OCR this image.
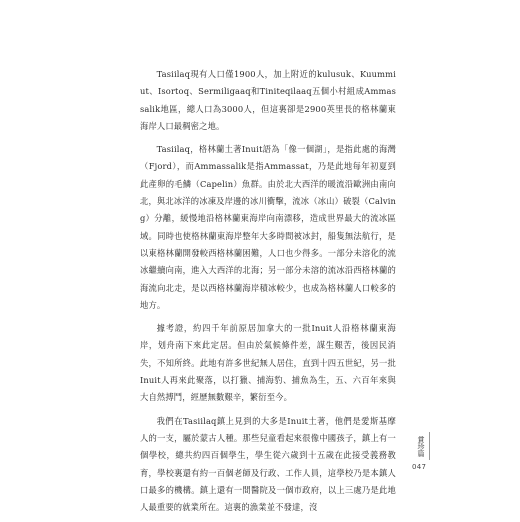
Tasiilaq現有人口僅1900人，加上附近的kulusuk、Kuummiut、Isortoq、Sermiligaaq和Tiniteqilaaq五個小村組成Ammassalik地區，總人口為3000人，但這裏卻是2900英里長的格林蘭東海岸人口最稠密之地。

Tasiilaq，格林蘭土著Inuit語為「像一個湖」，是指此處的海灣（Fjord），而Ammassalik是指Ammassat，乃是此地每年初夏到此產卵的毛鱗（Capelin）魚群。由於北大西洋的暖流沿歐洲由南向北，與北冰洋的冰凍及岸邊的冰川衝擊，流冰（冰山）破裂（Calving）分離，緩慢地沿格林蘭東海岸向南漂移，造成世界最大的流冰區域。同時也使格林蘭東海岸整年大多時間被冰封，船隻無法航行，是以東格林蘭開發較西格林蘭困難，人口也少得多。一部分未溶化的流冰繼續向南，進入大西洋的北海；另一部分未溶的流冰沿西格林蘭的海流向北走，是以西格林蘭海岸積冰較少，也成為格林蘭人口較多的地方。

據考證，約四千年前原居加拿大的一批Inuit人沿格林蘭東海岸，划舟南下來此定居。但由於氣候條件差，謀生艱苦，後因民消失，不知所終。此地有許多世紀無人居住，直到十四五世紀，另一批Inuit人再來此聚落，以打獵、捕海豹、捕魚為生，五、六百年來與大自然搏鬥，經歷無數艱辛，繁衍至今。

我們在Tasiilaq鎮上見到的大多是Inuit土著，他們是愛斯基摩人的一支，屬於蒙古人種。那些兒童看起來很像中國孩子，鎮上有一個學校，總共約四百個學生，學生從六歲到十五歲在此接受義務教育，學校裏還有約一百個老師及行政、工作人員，這學校乃是本鎮人口最多的機構。鎮上還有一間醫院及一個市政府，以上三處乃是此地人最重要的就業所在。這裏的漁業並不發達，沒

賞珍篇
047
